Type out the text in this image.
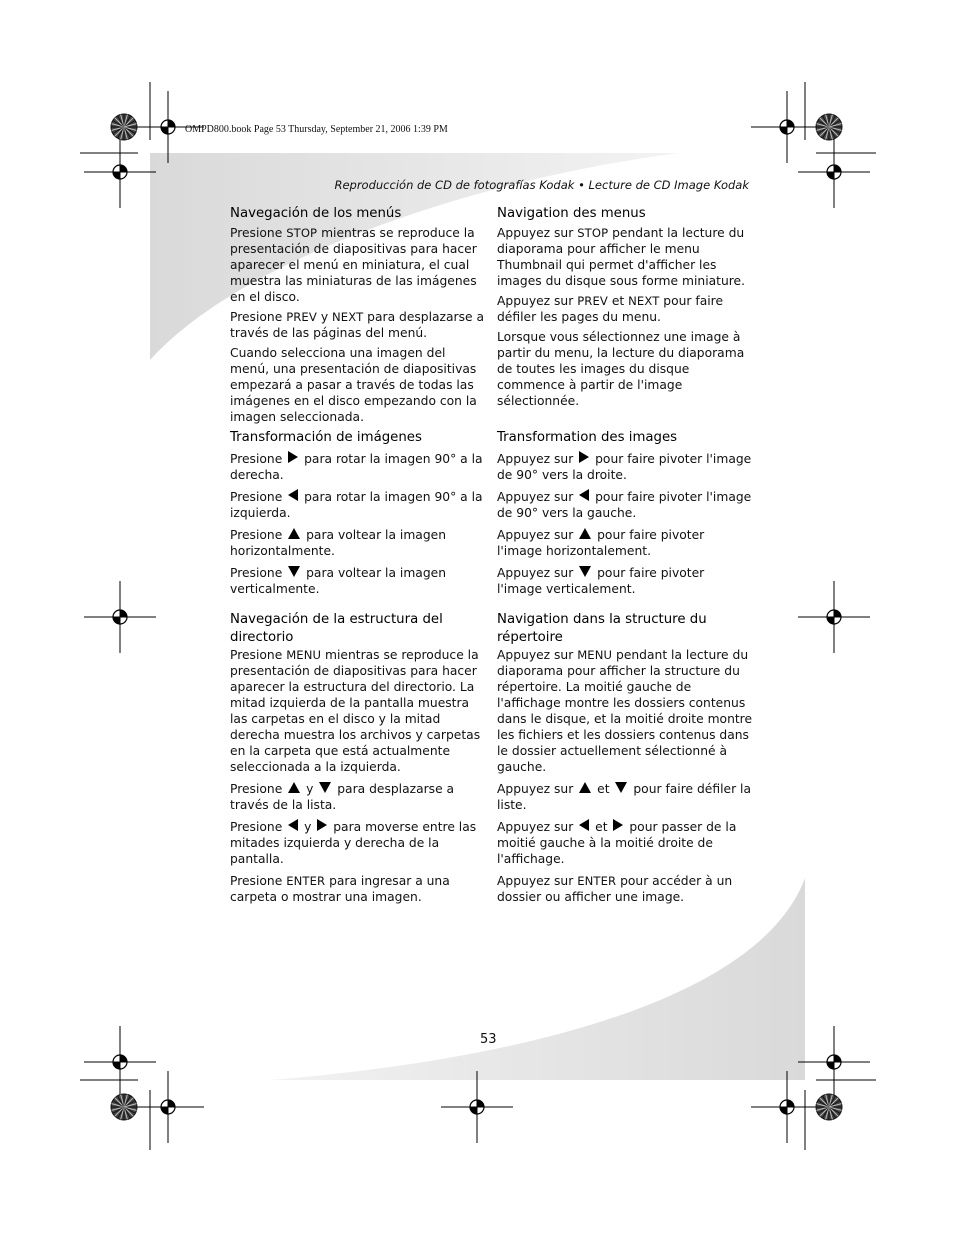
OMPD800.book Page 53 Thursday, September 21, 2006 1:39 PM
Reproducción de CD de fotografías Kodak • Lecture de CD Image Kodak
Navegación de los menús

Presione STOP mientras se reproduce la presentación de diapositivas para hacer aparecer el menú en miniatura, el cual muestra las miniaturas de las imágenes en el disco.

Presione PREV y NEXT para desplazarse a través de las páginas del menú.

Cuando selecciona una imagen del menú, una presentación de diapositivas empezará a pasar a través de todas las imágenes en el disco empezando con la imagen seleccionada.

Transformación de imágenes

Presione para rotar la imagen 90° a la derecha.

Presione para rotar la imagen 90° a la izquierda.

Presione para voltear la imagen horizontalmente.

Presione para voltear la imagen verticalmente.

Navegación de la estructura del directorio

Presione MENU mientras se reproduce la presentación de diapositivas para hacer aparecer la estructura del directorio. La mitad izquierda de la pantalla muestra las carpetas en el disco y la mitad derecha muestra los archivos y carpetas en la carpeta que está actualmente seleccionada a la izquierda.

Presione y para desplazarse a través de la lista.

Presione y para moverse entre las mitades izquierda y derecha de la pantalla.

Presione ENTER para ingresar a una carpeta o mostrar una imagen.

Navigation des menus

Appuyez sur STOP pendant la lecture du diaporama pour afficher le menu Thumbnail qui permet d'afficher les images du disque sous forme miniature.

Appuyez sur PREV et NEXT pour faire défiler les pages du menu.

Lorsque vous sélectionnez une image à partir du menu, la lecture du diaporama de toutes les images du disque commence à partir de l'image sélectionnée.

Transformation des images

Appuyez sur pour faire pivoter l'image de 90° vers la droite.

Appuyez sur pour faire pivoter l'image de 90° vers la gauche.

Appuyez sur pour faire pivoter l'image horizontalement.

Appuyez sur pour faire pivoter l'image verticalement.

Navigation dans la structure du répertoire

Appuyez sur MENU pendant la lecture du diaporama pour afficher la structure du répertoire. La moitié gauche de l'affichage montre les dossiers contenus dans le disque, et la moitié droite montre les fichiers et les dossiers contenus dans le dossier actuellement sélectionné à gauche.

Appuyez sur et pour faire défiler la liste.

Appuyez sur et pour passer de la moitié gauche à la moitié droite de l'affichage.

Appuyez sur ENTER pour accéder à un dossier ou afficher une image.

53
